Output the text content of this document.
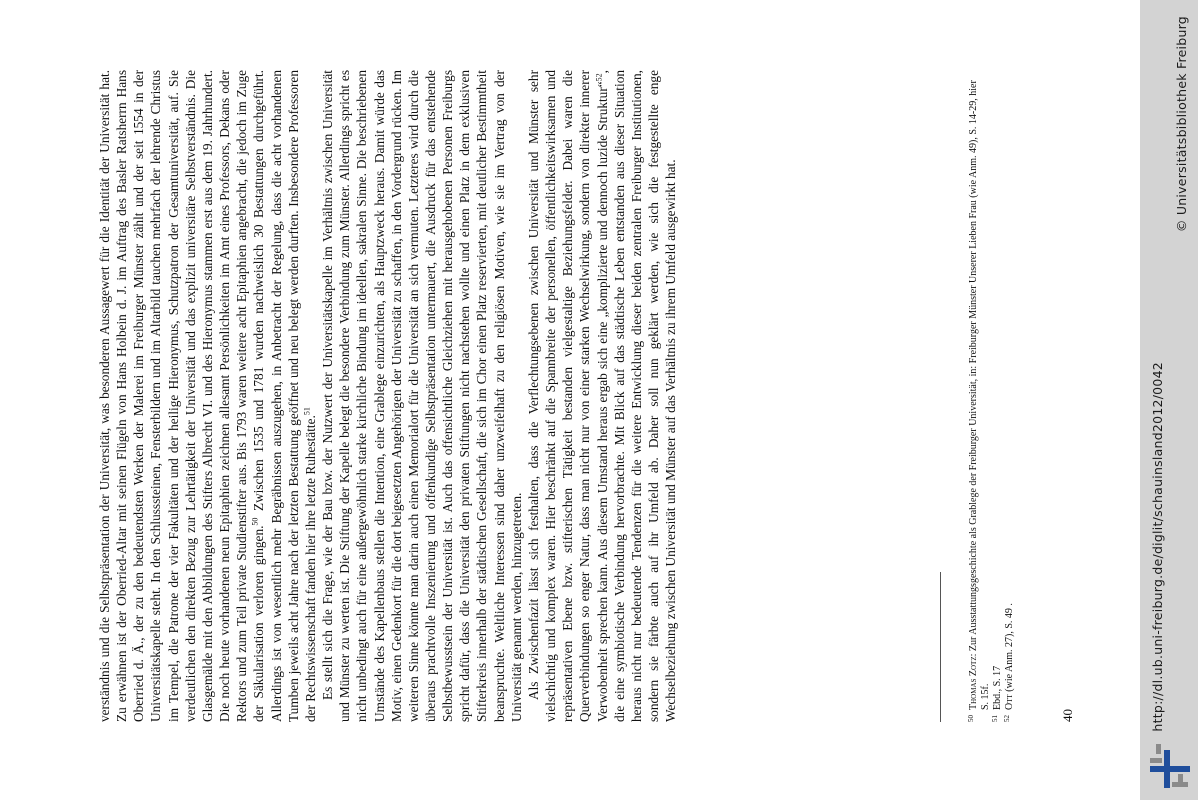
verständnis und die Selbstpräsentation der Universität, was besonderen Aussagewert für die Identität der Universität hat. Zu erwähnen ist der Oberried-Altar mit seinen Flügeln von Hans Holbein d. J. im Auftrag des Basler Ratsherrn Hans Oberried d. Ä., der zu den bedeutendsten Werken der Malerei im Freiburger Münster zählt und der seit 1554 in der Universitätskapelle steht. In den Schlusssteinen, Fensterbildern und im Altarbild tauchen mehrfach der lehrende Christus im Tempel, die Patrone der vier Fakultäten und der heilige Hieronymus, Schutzpatron der Gesamtuniversität, auf. Sie verdeutlichen den direkten Bezug zur Lehrtätigkeit der Universität und das explizit universitäre Selbstverständnis. Die Glasgemälde mit den Abbildungen des Stifters Albrecht VI. und des Hieronymus stammen erst aus dem 19. Jahrhundert. Die noch heute vorhandenen neun Epitaphien zeichnen allesamt Persönlichkeiten im Amt eines Professors, Dekans oder Rektors und zum Teil private Studienstifter aus. Bis 1793 waren weitere acht Epitaphien angebracht, die jedoch im Zuge der Säkularisation verloren gingen.$^{50}$ Zwischen 1535 und 1781 wurden nachweislich 30 Bestattungen durchgeführt. Allerdings ist von wesentlich mehr Begräbnissen auszugehen, in Anbetracht der Regelung, dass die acht vorhandenen Tumben jeweils acht Jahre nach der letzten Bestattung geöffnet und neu belegt werden durften. Insbesondere Professoren der Rechtswissenschaft fanden hier ihre letzte Ruhestätte.$^{51}$ Es stellt sich die Frage, wie der Bau bzw. der Nutzwert der Universitätskapelle im Verhältnis zwischen Universität und Münster zu werten ist. Die Stiftung der Kapelle belegt die besondere Verbindung zum Münster. Allerdings spricht es nicht unbedingt auch für eine außergewöhnlich starke kirchliche Bindung im ideellen, sakralen Sinne. Die beschriebenen Umstände des Kapellenbaus stellen die Intention, eine Grablege einzurichten, als Hauptzweck heraus. Damit würde das Motiv, einen Gedenkort für die dort beigesetzten Angehörigen der Universität zu schaffen, in den Vordergrund rücken. Im weiteren Sinne könnte man darin auch einen Memorialort für die Universität an sich vermuten. Letzteres wird durch die überaus prachtvolle Inszenierung und offenkundige Selbstpräsentation untermauert, die Ausdruck für das entstehende Selbstbewusstsein der Universität ist. Auch das offensichtliche Gleichziehen mit herausgehobenen Personen Freiburgs spricht dafür, dass die Universität den privaten Stiftungen nicht nachstehen wollte und einen Platz in dem exklusiven Stifterkreis innerhalb der städtischen Gesellschaft, die sich im Chor einen Platz reservierten, mit deutlicher Bestimmtheit beanspruchte. Weltliche Interessen sind daher unzweifelhaft zu den religiösen Motiven, wie sie im Vertrag von der Universität genannt werden, hinzugetreten. Als Zwischenfazit lässt sich festhalten, dass die Verflechtungsebenen zwischen Universität und Münster sehr vielschichtig und komplex waren. Hier beschränkt auf die Spannbreite der personellen, öffentlichkeitswirksamen und repräsentativen Ebene bzw. stifterischen Tätigkeit bestanden vielgestaltige Beziehungsfelder. Dabei waren die Querverbindungen so enger Natur, dass man nicht nur von einer starken Wechselwirkung, sondern von direkter innerer Verwobenheit sprechen kann. Aus diesem Umstand heraus ergab sich eine „komplizierte und dennoch luzide Struktur“$^{52}$, die eine symbiotische Verbindung hervorbrachte. Mit Blick auf das städtische Leben entstanden aus dieser Situation heraus nicht nur bedeutende Tendenzen für die weitere Entwicklung dieser beiden zentralen Freiburger Institutionen, sondern sie färbte auch auf ihr Umfeld ab. Daher soll nun geklärt werden, wie sich die festgestellte enge Wechselbeziehung zwischen Universität und Münster auf das Verhältnis zu ihrem Umfeld ausgewirkt hat.	50
Thomas Zotz: Zur Ausstattungsgeschichte als Grablege der Freiburger Universität, in: Freiburger Münster Unserer Lieben Frau (wie Anm. 49), S. 14-29, hier S. 15f.
51
Ebd., S. 17
52
Ott (wie Anm. 27), S. 49 .
40	http://dl.ub.uni-freiburg.de/diglit/schauinsland2012/0042
© Universitätsbibliothek Freiburg
